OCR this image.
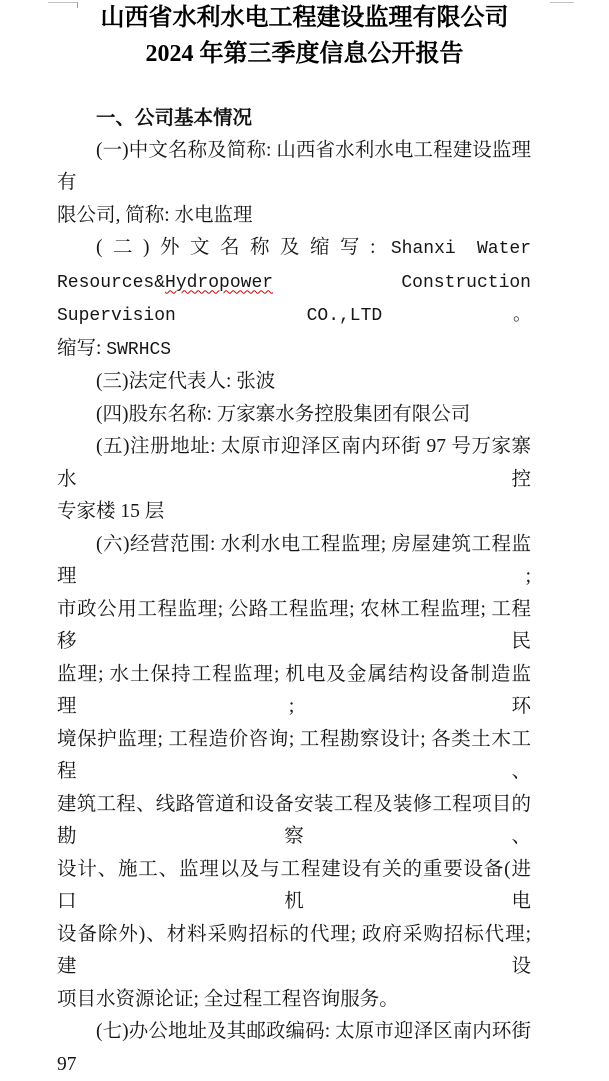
山西省水利水电工程建设监理有限公司
2024 年第三季度信息公开报告
一、公司基本情况
(一)中文名称及简称: 山西省水利水电工程建设监理有
限公司, 简称: 水电监理
(二)外文名称及缩写: Shanxi Water
Resources&Hydropower Construction Supervision CO.,LTD 。
缩写: SWRHCS
(三)法定代表人: 张波
(四)股东名称: 万家寨水务控股集团有限公司
(五)注册地址: 太原市迎泽区南内环街 97 号万家寨水控
专家楼 15 层
(六)经营范围: 水利水电工程监理; 房屋建筑工程监理;
市政公用工程监理; 公路工程监理; 农林工程监理; 工程移民
监理; 水土保持工程监理; 机电及金属结构设备制造监理; 环
境保护监理; 工程造价咨询; 工程勘察设计; 各类土木工程、
建筑工程、线路管道和设备安装工程及装修工程项目的勘察、
设计、施工、监理以及与工程建设有关的重要设备(进口机电
设备除外)、材料采购招标的代理; 政府采购招标代理; 建设
项目水资源论证; 全过程工程咨询服务。
(七)办公地址及其邮政编码: 太原市迎泽区南内环街 97
